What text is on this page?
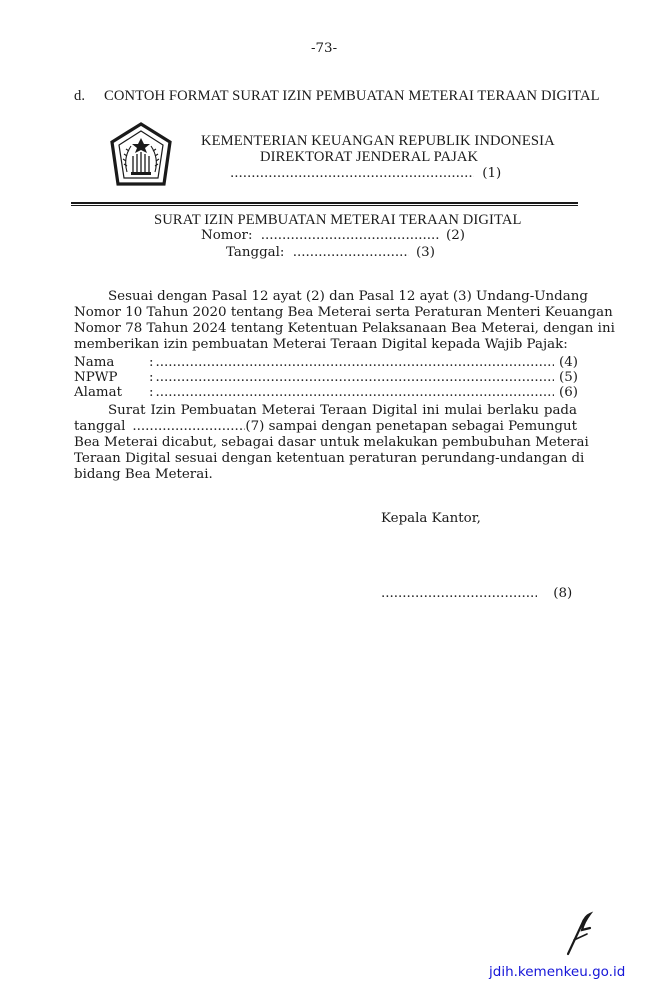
-73-
d. CONTOH FORMAT SURAT IZIN PEMBUATAN METERAI TERAAN DIGITAL
KEMENTERIAN KEUANGAN REPUBLIK INDONESIA
DIREKTORAT JENDERAL PAJAK
..... (1)
SURAT IZIN PEMBUATAN METERAI TERAAN DIGITAL
Nomor: .....	(2)
Tanggal: .....	(3)
Sesuai dengan Pasal 12 ayat (2) dan Pasal 12 ayat (3) Undang-Undang
Nomor 10 Tahun 2020 tentang Bea Meterai serta Peraturan Menteri Keuangan
Nomor 78 Tahun 2024 tentang Ketentuan Pelaksanaan Bea Meterai, dengan ini
memberikan izin pembuatan Meterai Teraan Digital kepada Wajib Pajak:
Nama	: .....	(4)
NPWP : .....	(5)
Alamat : .....	(6)
Surat Izin Pembuatan Meterai Teraan Digital ini mulai berlaku pada
tanggal .....	(7) sampai dengan penetapan sebagai Pemungut
Bea Meterai dicabut, sebagai dasar untuk melakukan pembubuhan Meterai
Teraan Digital sesuai dengan ketentuan peraturan perundang-undangan di
bidang Bea Meterai.
Kepala Kantor,
..... (8)
jdih.kemenkeu.go.id
